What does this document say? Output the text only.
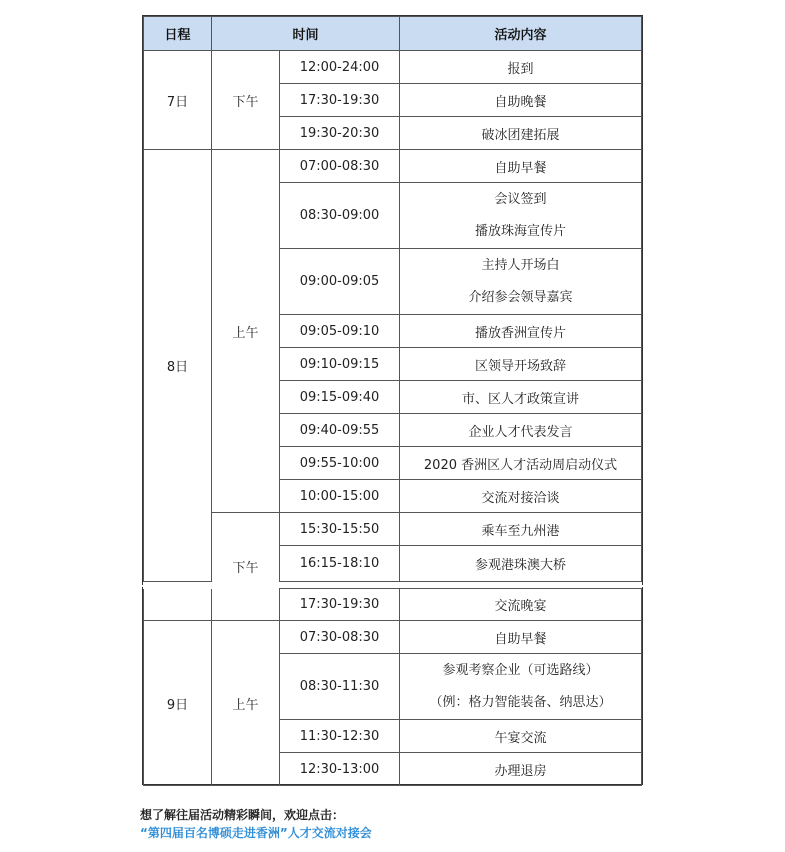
日程	时间		活动内容
7日	下午	12:00-24:00	报到
		17:30-19:30	自助晚餐
		19:30-20:30	破冰团建拓展
8日	上午	07:00-08:30	自助早餐
		08:30-09:00	会议签到
播放珠海宣传片

		09:00-09:05	主持人开场白
介绍参会领导嘉宾

		09:05-09:10	播放香洲宣传片
		09:10-09:15	区领导开场致辞
		09:15-09:40	市、区人才政策宣讲
		09:40-09:55	企业人才代表发言
		09:55-10:00	2020 香洲区人才活动周启动仪式
		10:00-15:00	交流对接洽谈
	下午	15:30-15:50	乘车至九州港
		16:15-18:10	参观港珠澳大桥
		17:30-19:30	交流晚宴
9日	上午	07:30-08:30	自助早餐
		08:30-11:30	参观考察企业（可选路线）
（例：格力智能装备、纳思达）

		11:30-12:30	午宴交流
		12:30-13:00	办理退房
想了解往届活动精彩瞬间，欢迎点击：
“第四届百名博硕走进香洲”人才交流对接会
